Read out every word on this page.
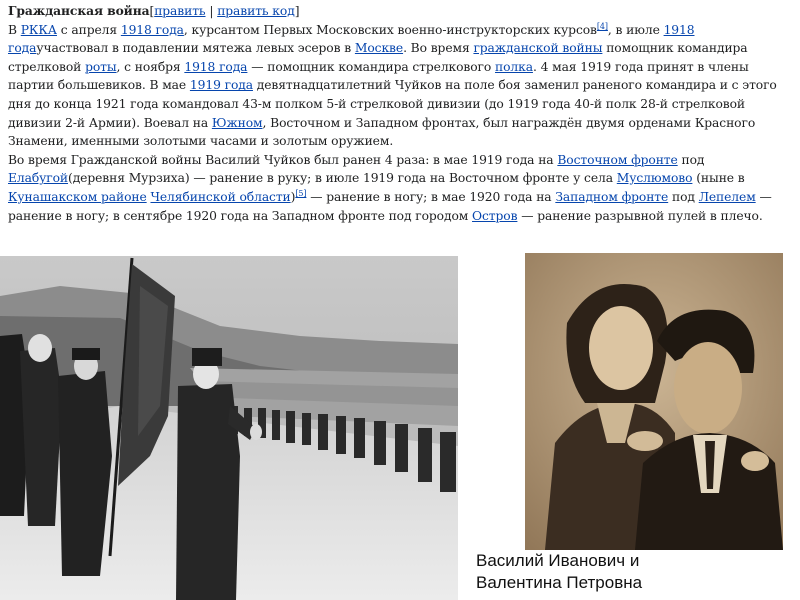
Гражданская война[править | править код]

В РККА с апреля 1918 года, курсантом Первых Московских военно-инструкторских курсов[4], в июле 1918 годаучаствовал в подавлении мятежа левых эсеров в Москве. Во время гражданской войны помощник командира стрелковой роты, с ноября 1918 года — помощник командира стрелкового полка. 4 мая 1919 года принят в члены партии большевиков. В мае 1919 года девятнадцатилетний Чуйков на поле боя заменил раненого командира и с этого дня до конца 1921 года командовал 43-м полком 5-й стрелковой дивизии (до 1919 года 40-й полк 28-й стрелковой дивизии 2-й Армии). Воевал на Южном, Восточном и Западном фронтах, был награждён двумя орденами Красного Знамени, именными золотыми часами и золотым оружием.

Во время Гражданской войны Василий Чуйков был ранен 4 раза: в мае 1919 года на Восточном фронте под Елабугой(деревня Мурзиха) — ранение в руку; в июле 1919 года на Восточном фронте у села Муслюмово (ныне в Кунашакском районе Челябинской области)[5] — ранение в ногу; в мае 1920 года на Западном фронте под Лепелем — ранение в ногу; в сентябре 1920 года на Западном фронте под городом Остров — ранение разрывной пулей в плечо.

Василий Иванович и
Валентина Петровна
